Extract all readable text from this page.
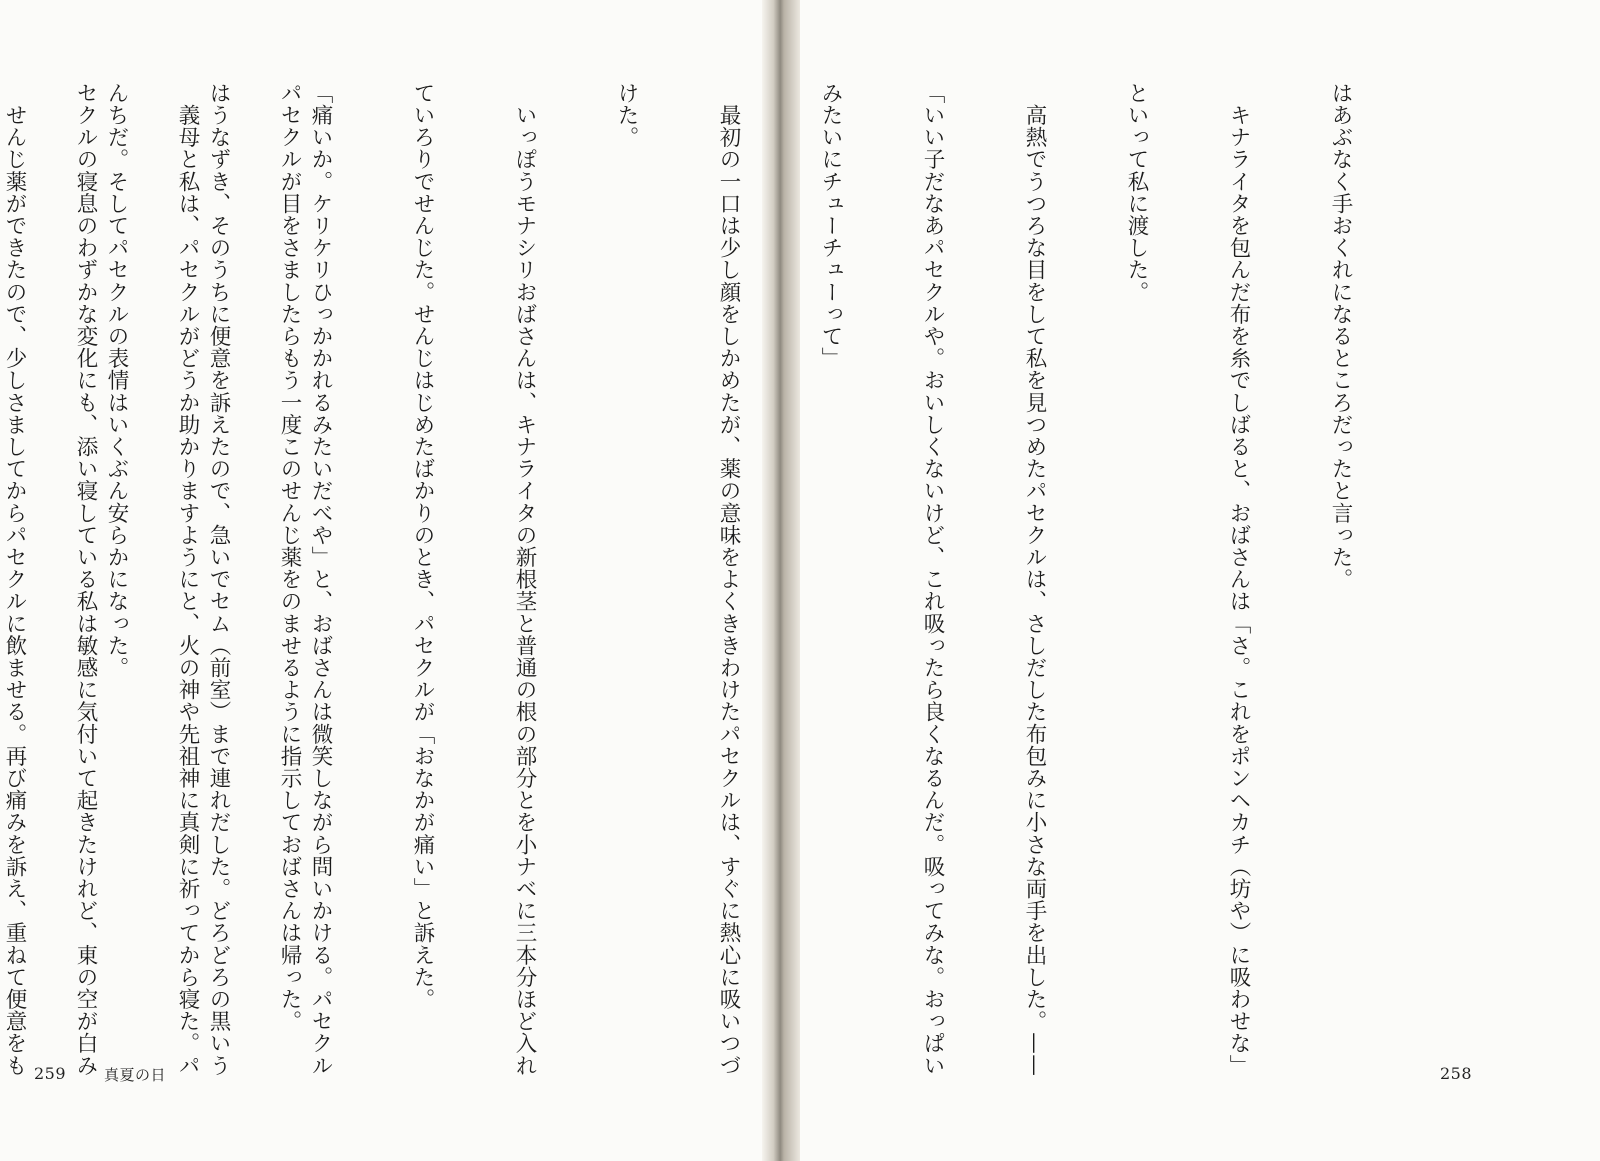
パセクルが目をさましたらもう一度このせんじ薬をのませるように指示しておばさんは帰った。

　義母と私は、パセクルがどうか助かりますようにと、火の神や先祖神に真剣に祈ってから寝た。パ

セクルの寝息のわずかな変化にも、添い寝している私は敏感に気付いて起きたけれど、東の空が白み

259	真夏の日

はあぶなく手おくれになるところだったと言った。

　キナライタを包んだ布を糸でしばると、おばさんは「さ。これをポンヘカチ（坊や）に吸わせな」

といって私に渡した。

　高熱でうつろな目をして私を見つめたパセクルは、さしだした布包みに小さな両手を出した。——

「いい子だなあパセクルや。おいしくないけど、これ吸ったら良くなるんだ。吸ってみな。おっぱい

みたいにチューチューって」

　最初の一口は少し顔をしかめたが、薬の意味をよくききわけたパセクルは、すぐに熱心に吸いつづ

けた。

　いっぽうモナシリおばさんは、キナライタの新根茎と普通の根の部分とを小ナベに三本分ほど入れ

ていろりでせんじた。せんじはじめたばかりのとき、パセクルが「おなかが痛い」と訴えた。

「痛いか。ケリケリひっかかれるみたいだべや」と、おばさんは微笑しながら問いかける。パセクル

はうなずき、そのうちに便意を訴えたので、急いでセム（前室）まで連れだした。どろどろの黒いう

んちだ。そしてパセクルの表情はいくぶん安らかになった。

　せんじ薬ができたので、少しさましてからパセクルに飲ませる。再び痛みを訴え、重ねて便意をも

	258
